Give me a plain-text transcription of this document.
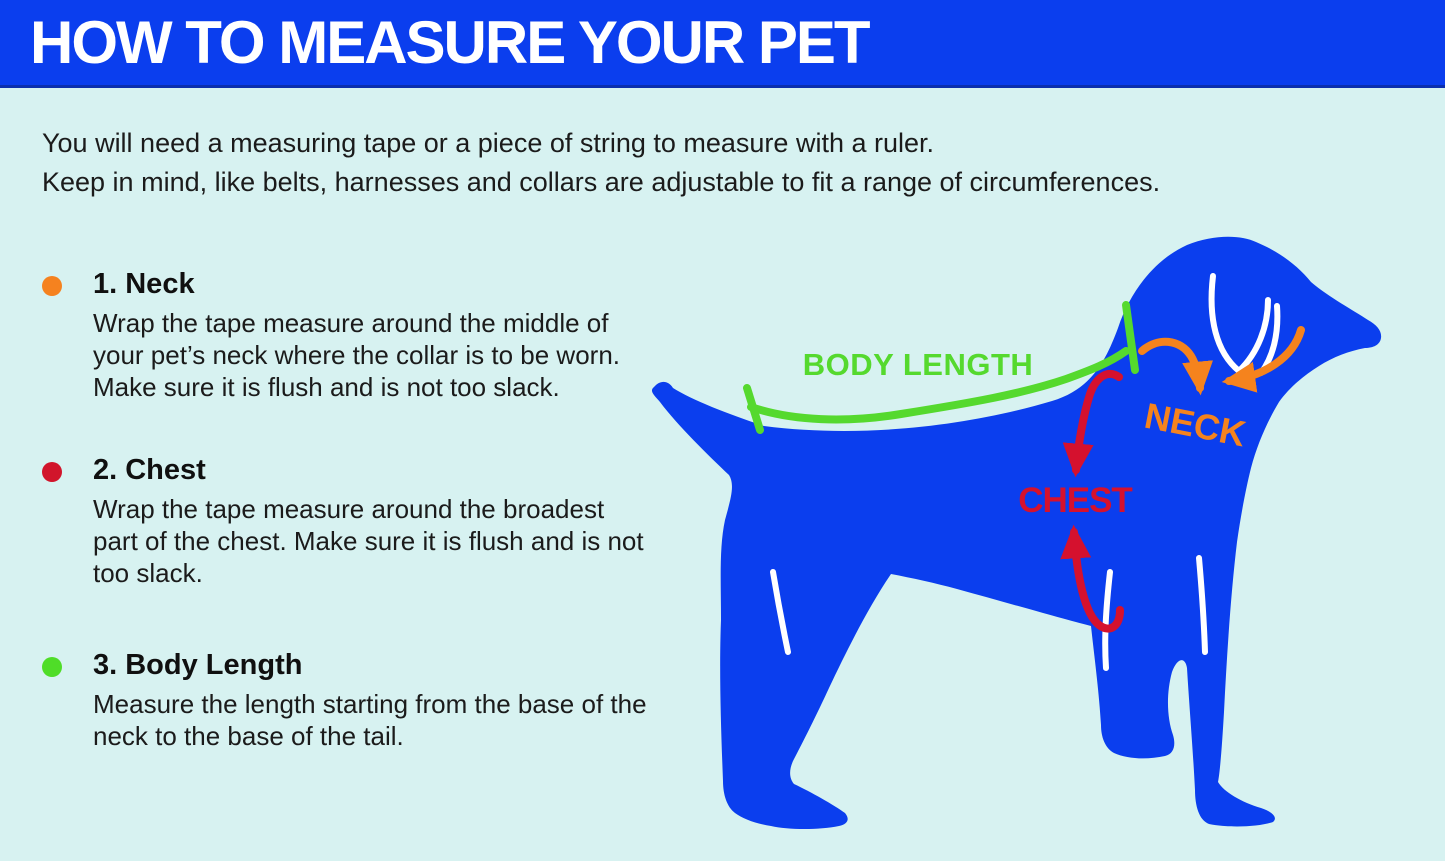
HOW TO MEASURE YOUR PET
You will need a measuring tape or a piece of string to measure with a ruler.
Keep in mind, like belts, harnesses and collars are adjustable to fit a range of circumferences.
1. Neck
Wrap the tape measure around the middle of
your pet’s neck where the collar is to be worn.
Make sure it is flush and is not too slack.
2. Chest
Wrap the tape measure around the broadest
part of the chest. Make sure it is flush and is not
too slack.
3. Body Length
Measure the length starting from the base of the
neck to the base of the tail.
BODY LENGTH
CHEST
NECK
